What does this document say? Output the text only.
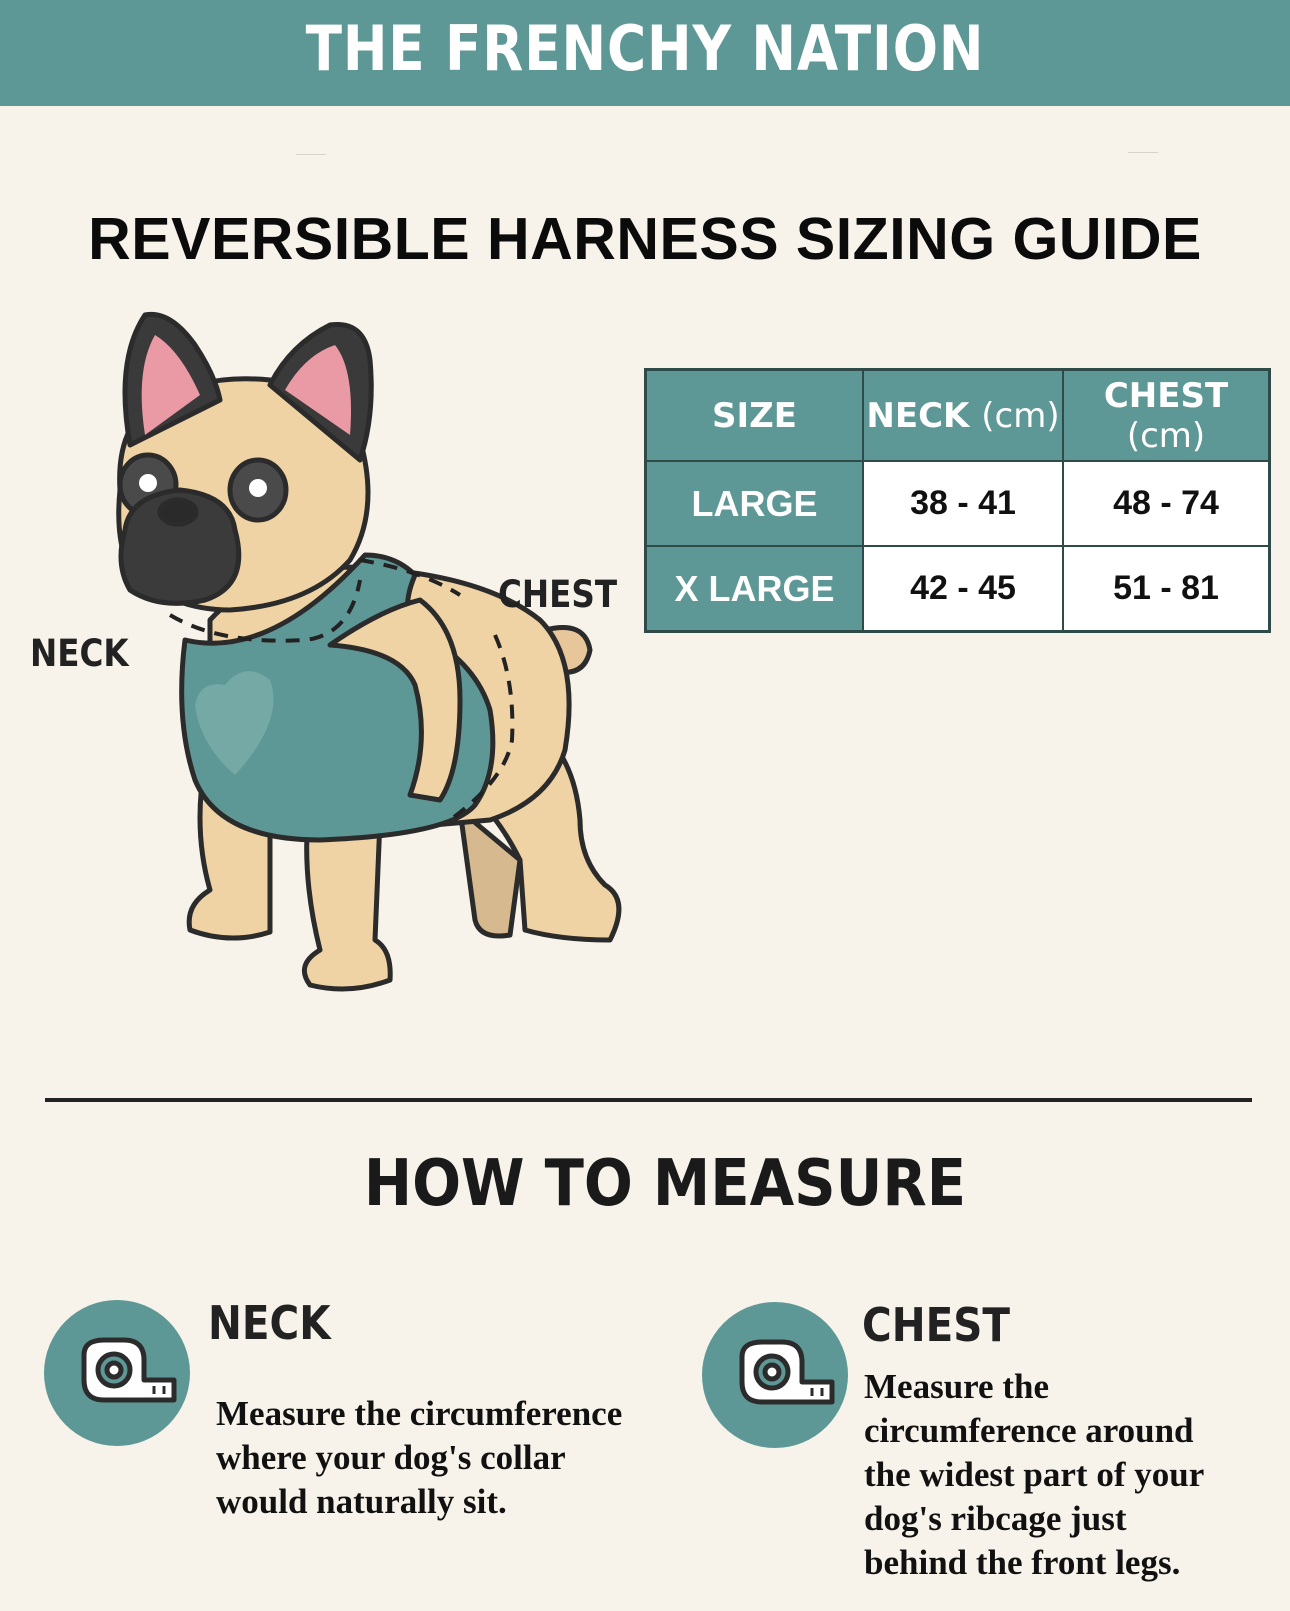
THE FRENCHY NATION
REVERSIBLE HARNESS SIZING GUIDE
NECK
CHEST
SIZE	NECK (cm)	CHEST (cm)
LARGE	38 - 41	48 - 74
X LARGE	42 - 45	51 - 81
HOW TO MEASURE
NECK
Measure the circumference
where your dog's collar
would naturally sit.
CHEST
Measure the
circumference around
the widest part of your
dog's ribcage just
behind the front legs.
